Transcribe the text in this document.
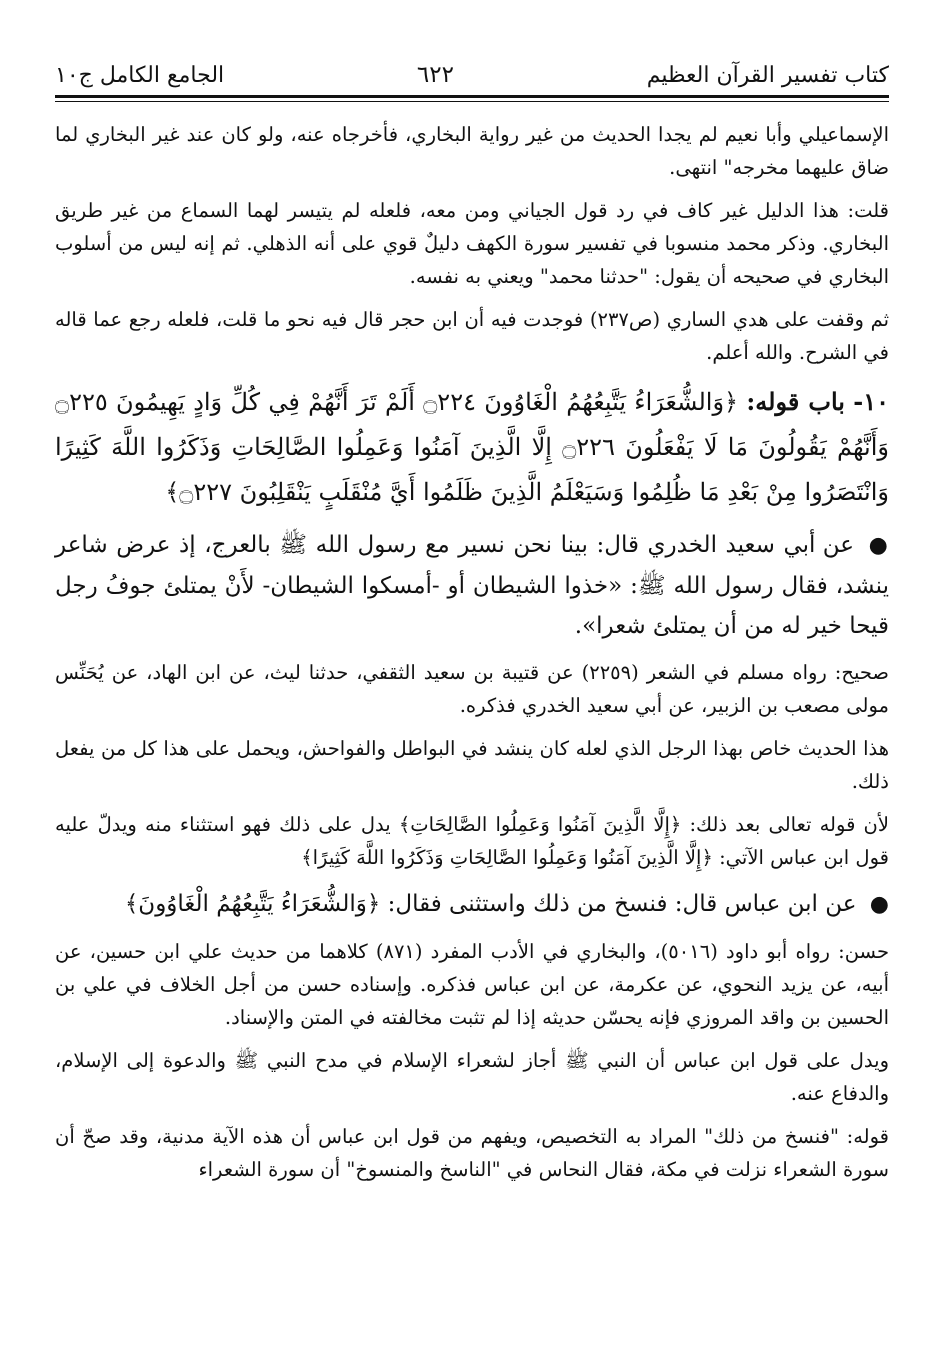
كتاب تفسير القرآن العظيم
٦٢٢
الجامع الكامل ج١٠

الإسماعيلي وأبا نعيم لم يجدا الحديث من غير رواية البخاري، فأخرجاه عنه، ولو كان عند غير البخاري لما ضاق عليهما مخرجه" انتهى.

قلت: هذا الدليل غير كاف في رد قول الجياني ومن معه، فلعله لم يتيسر لهما السماع من غير طريق البخاري. وذكر محمد منسوبا في تفسير سورة الكهف دليلٌ قوي على أنه الذهلي. ثم إنه ليس من أسلوب البخاري في صحيحه أن يقول: "حدثنا محمد" ويعني به نفسه.

ثم وقفت على هدي الساري (ص٢٣٧) فوجدت فيه أن ابن حجر قال فيه نحو ما قلت، فلعله رجع عما قاله في الشرح. والله أعلم.

١٠- باب قوله: ﴿وَالشُّعَرَاءُ يَتَّبِعُهُمُ الْغَاوُونَ ۝٢٢٤ أَلَمْ تَرَ أَنَّهُمْ فِي كُلِّ وَادٍ يَهِيمُونَ ۝٢٢٥ وَأَنَّهُمْ يَقُولُونَ مَا لَا يَفْعَلُونَ ۝٢٢٦ إِلَّا الَّذِينَ آمَنُوا وَعَمِلُوا الصَّالِحَاتِ وَذَكَرُوا اللَّهَ كَثِيرًا وَانْتَصَرُوا مِنْ بَعْدِ مَا ظُلِمُوا وَسَيَعْلَمُ الَّذِينَ ظَلَمُوا أَيَّ مُنْقَلَبٍ يَنْقَلِبُونَ ۝٢٢٧﴾

● عن أبي سعيد الخدري قال: بينا نحن نسير مع رسول الله ﷺ بالعرج، إذ عرض شاعر ينشد، فقال رسول الله ﷺ: «خذوا الشيطان أو -أمسكوا الشيطان- لأَنْ يمتلئ جوفُ رجل قيحا خير له من أن يمتلئ شعرا».

صحيح: رواه مسلم في الشعر (٢٢٥٩) عن قتيبة بن سعيد الثقفي، حدثنا ليث، عن ابن الهاد، عن يُحَنِّس مولى مصعب بن الزبير، عن أبي سعيد الخدري فذكره.

هذا الحديث خاص بهذا الرجل الذي لعله كان ينشد في البواطل والفواحش، ويحمل على هذا كل من يفعل ذلك.

لأن قوله تعالى بعد ذلك: ﴿إِلَّا الَّذِينَ آمَنُوا وَعَمِلُوا الصَّالِحَاتِ﴾ يدل على ذلك فهو استثناء منه ويدلّ عليه قول ابن عباس الآتي: ﴿إِلَّا الَّذِينَ آمَنُوا وَعَمِلُوا الصَّالِحَاتِ وَذَكَرُوا اللَّهَ كَثِيرًا﴾

● عن ابن عباس قال: فنسخ من ذلك واستثنى فقال: ﴿وَالشُّعَرَاءُ يَتَّبِعُهُمُ الْغَاوُونَ﴾

حسن: رواه أبو داود (٥٠١٦)، والبخاري في الأدب المفرد (٨٧١) كلاهما من حديث علي ابن حسين، عن أبيه، عن يزيد النحوي، عن عكرمة، عن ابن عباس فذكره. وإسناده حسن من أجل الخلاف في علي بن الحسين بن واقد المروزي فإنه يحسّن حديثه إذا لم تثبت مخالفته في المتن والإسناد.

ويدل على قول ابن عباس أن النبي ﷺ أجاز لشعراء الإسلام في مدح النبي ﷺ والدعوة إلى الإسلام، والدفاع عنه.

قوله: "فنسخ من ذلك" المراد به التخصيص، ويفهم من قول ابن عباس أن هذه الآية مدنية، وقد صحّ أن سورة الشعراء نزلت في مكة، فقال النحاس في "الناسخ والمنسوخ" أن سورة الشعراء
